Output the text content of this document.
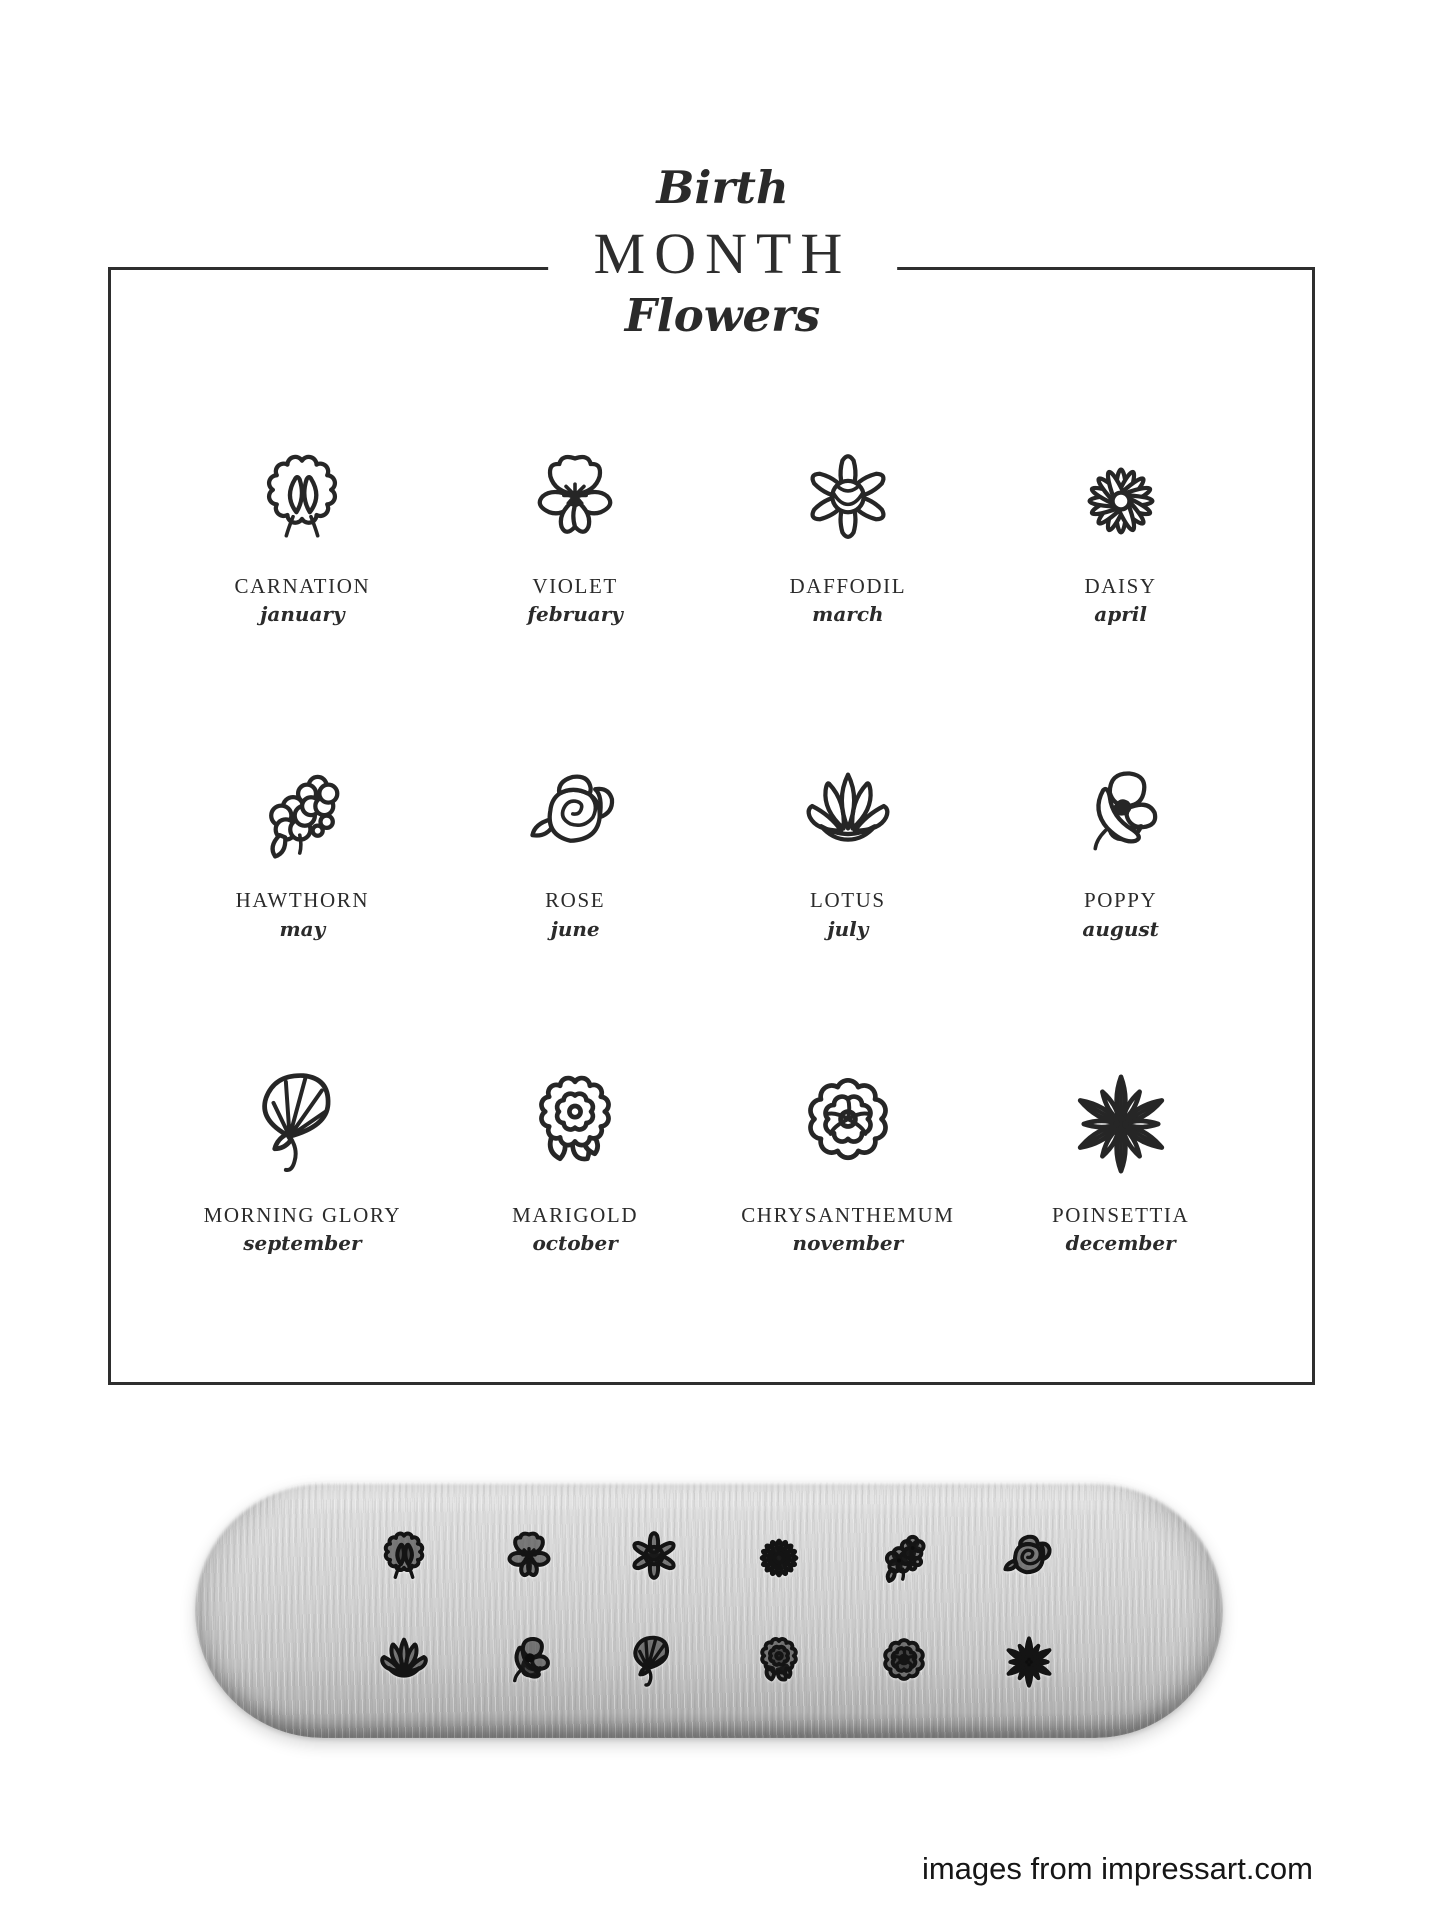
Birth
MONTH
Flowers
CARNATION
january
VIOLET
february
DAFFODIL
march
DAISY
april
HAWTHORN
may
ROSE
june
LOTUS
july
POPPY
august
MORNING GLORY
september
MARIGOLD
october
CHRYSANTHEMUM
november
POINSETTIA
december
images from impressart.com
